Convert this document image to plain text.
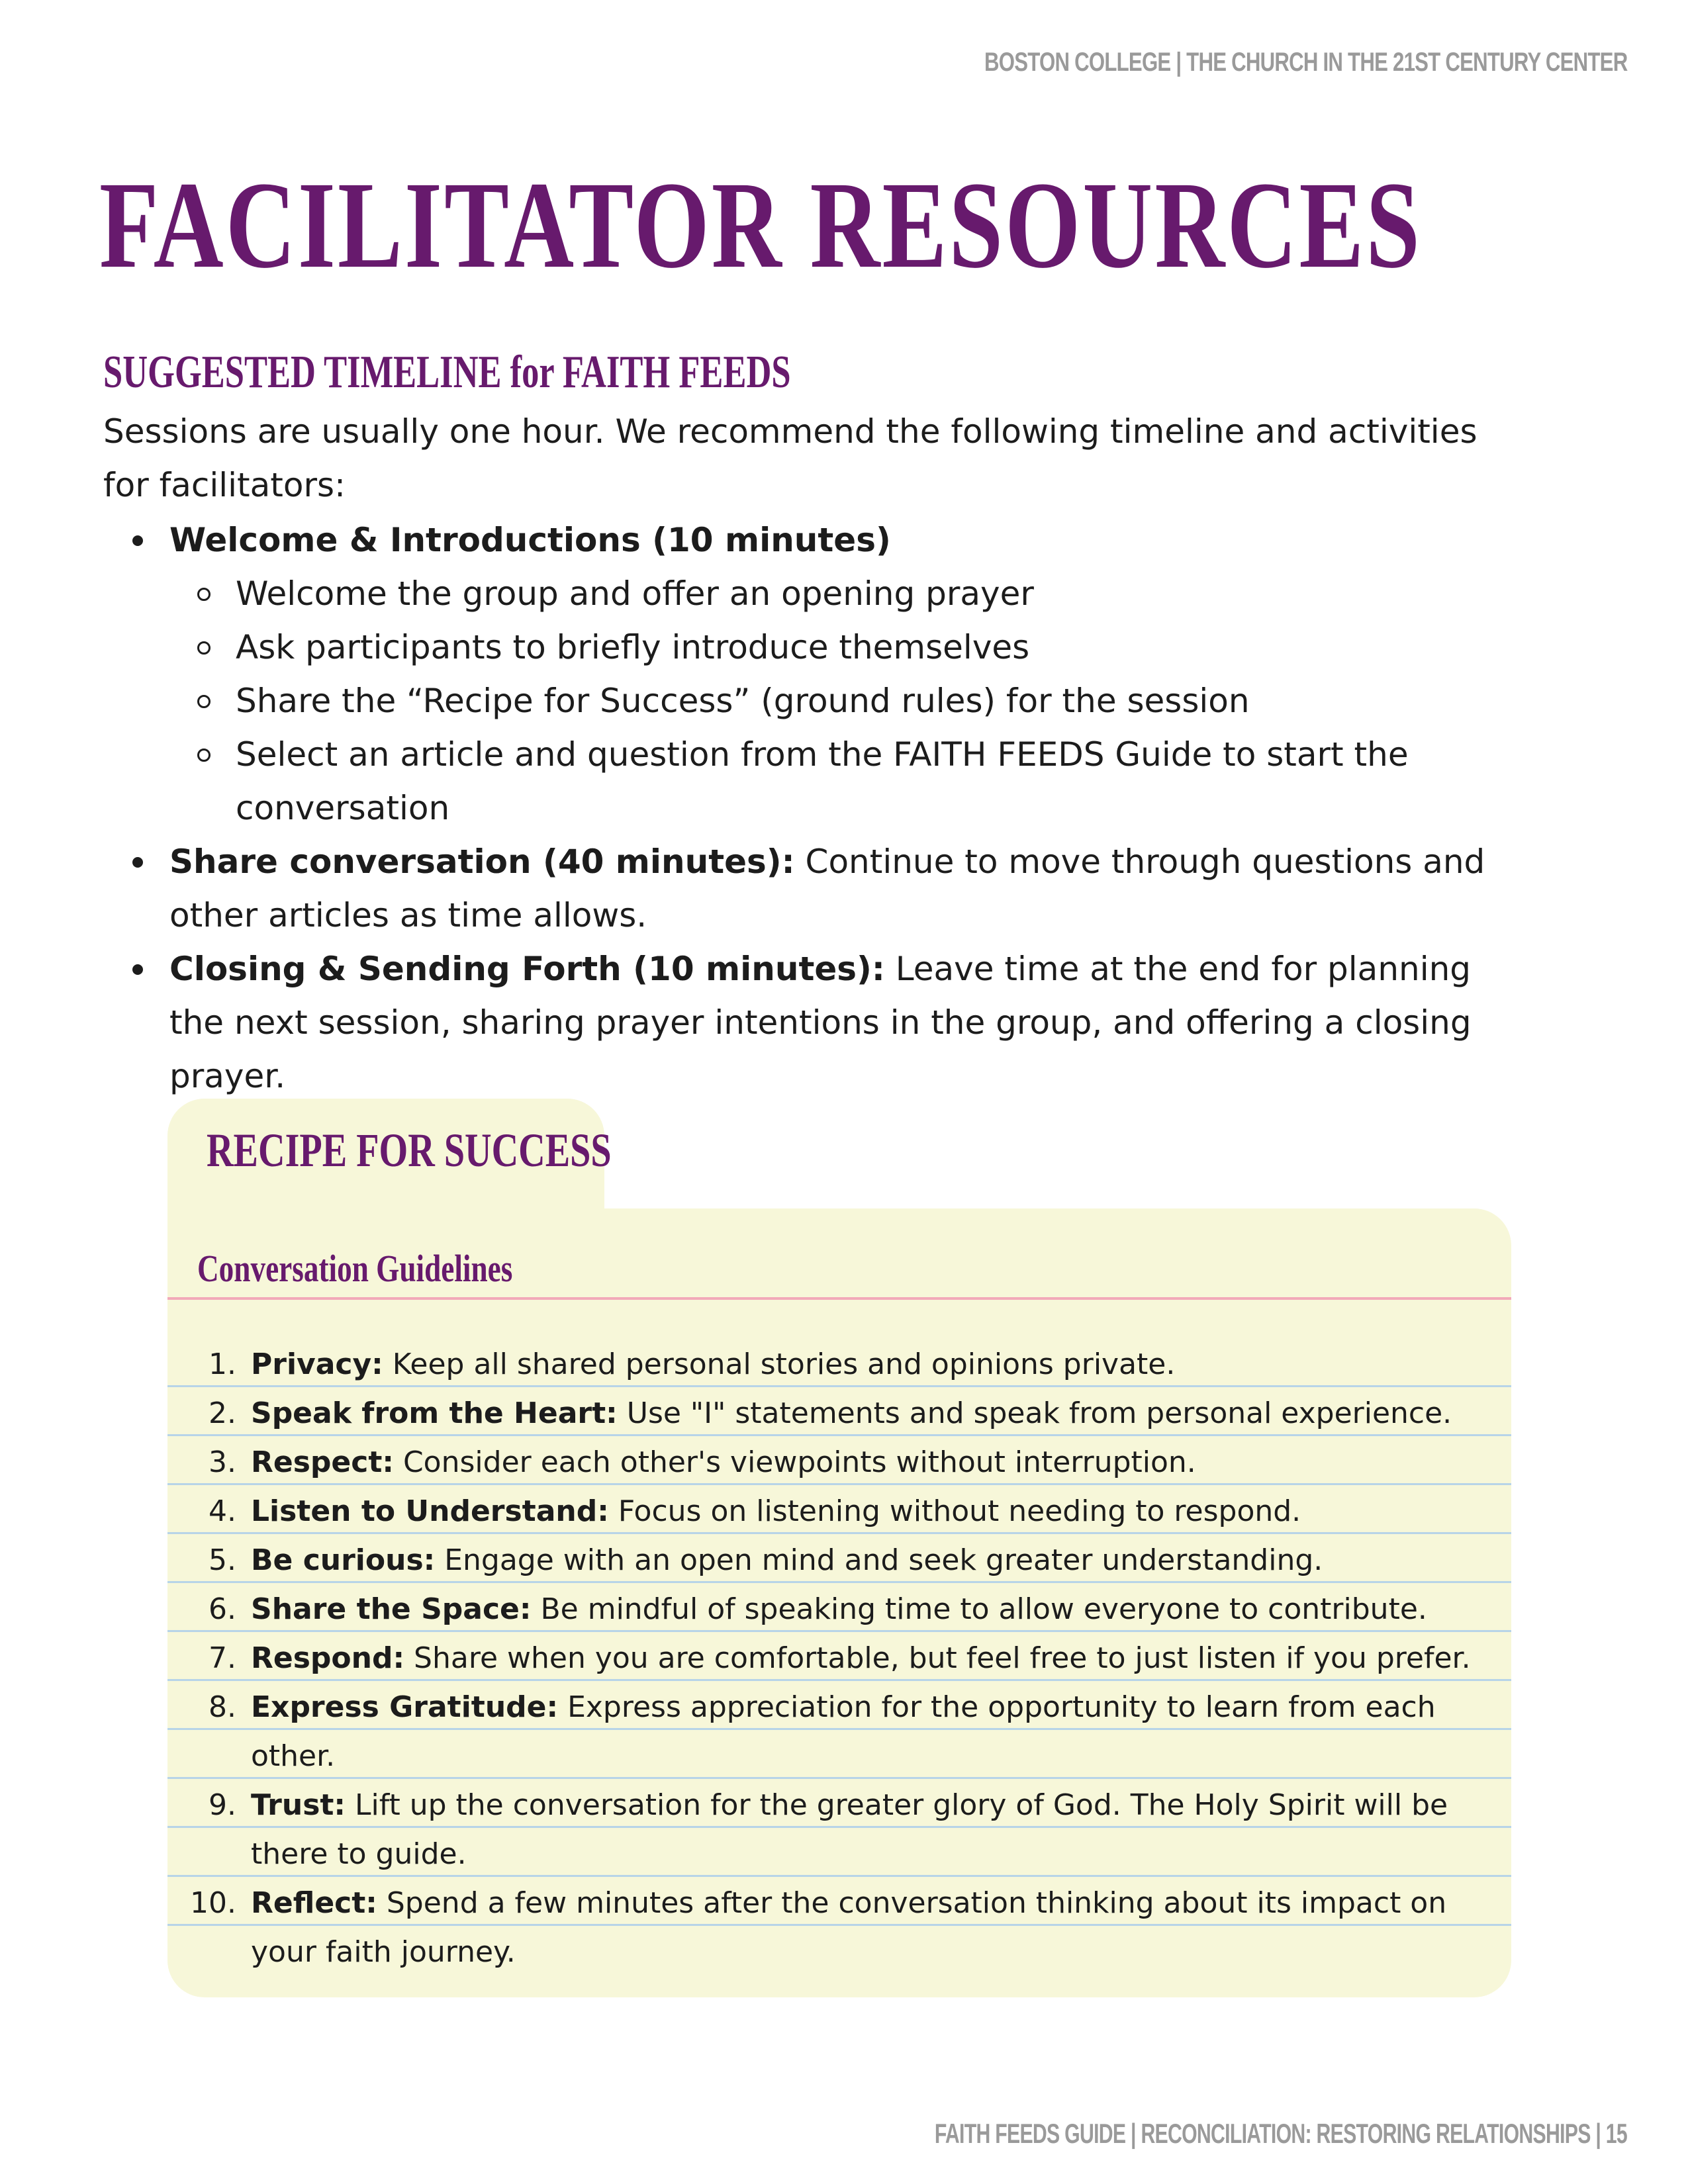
BOSTON COLLEGE | THE CHURCH IN THE 21ST CENTURY CENTER
FACILITATOR RESOURCES
SUGGESTED TIMELINE for FAITH FEEDS

Sessions are usually one hour. We recommend the following timeline and activities for facilitators:

Welcome & Introductions (10 minutes)
Welcome the group and offer an opening prayer
Ask participants to briefly introduce themselves
Share the “Recipe for Success” (ground rules) for the session
Select an article and question from the FAITH FEEDS Guide to start the conversation
Share conversation (40 minutes): Continue to move through questions and other articles as time allows.
Closing & Sending Forth (10 minutes): Leave time at the end for planning the next session, sharing prayer intentions in the group, and offering a closing prayer.
RECIPE FOR SUCCESS
Conversation Guidelines
1. Privacy: Keep all shared personal stories and opinions private.
2. Speak from the Heart: Use "I" statements and speak from personal experience.
3. Respect: Consider each other's viewpoints without interruption.
4. Listen to Understand: Focus on listening without needing to respond.
5. Be curious: Engage with an open mind and seek greater understanding.
6. Share the Space: Be mindful of speaking time to allow everyone to contribute.
7. Respond: Share when you are comfortable, but feel free to just listen if you prefer.
8. Express Gratitude: Express appreciation for the opportunity to learn from each other.
9. Trust: Lift up the conversation for the greater glory of God. The Holy Spirit will be there to guide.
10. Reflect: Spend a few minutes after the conversation thinking about its impact on your faith journey.
FAITH FEEDS GUIDE | RECONCILIATION: RESTORING RELATIONSHIPS | 15
